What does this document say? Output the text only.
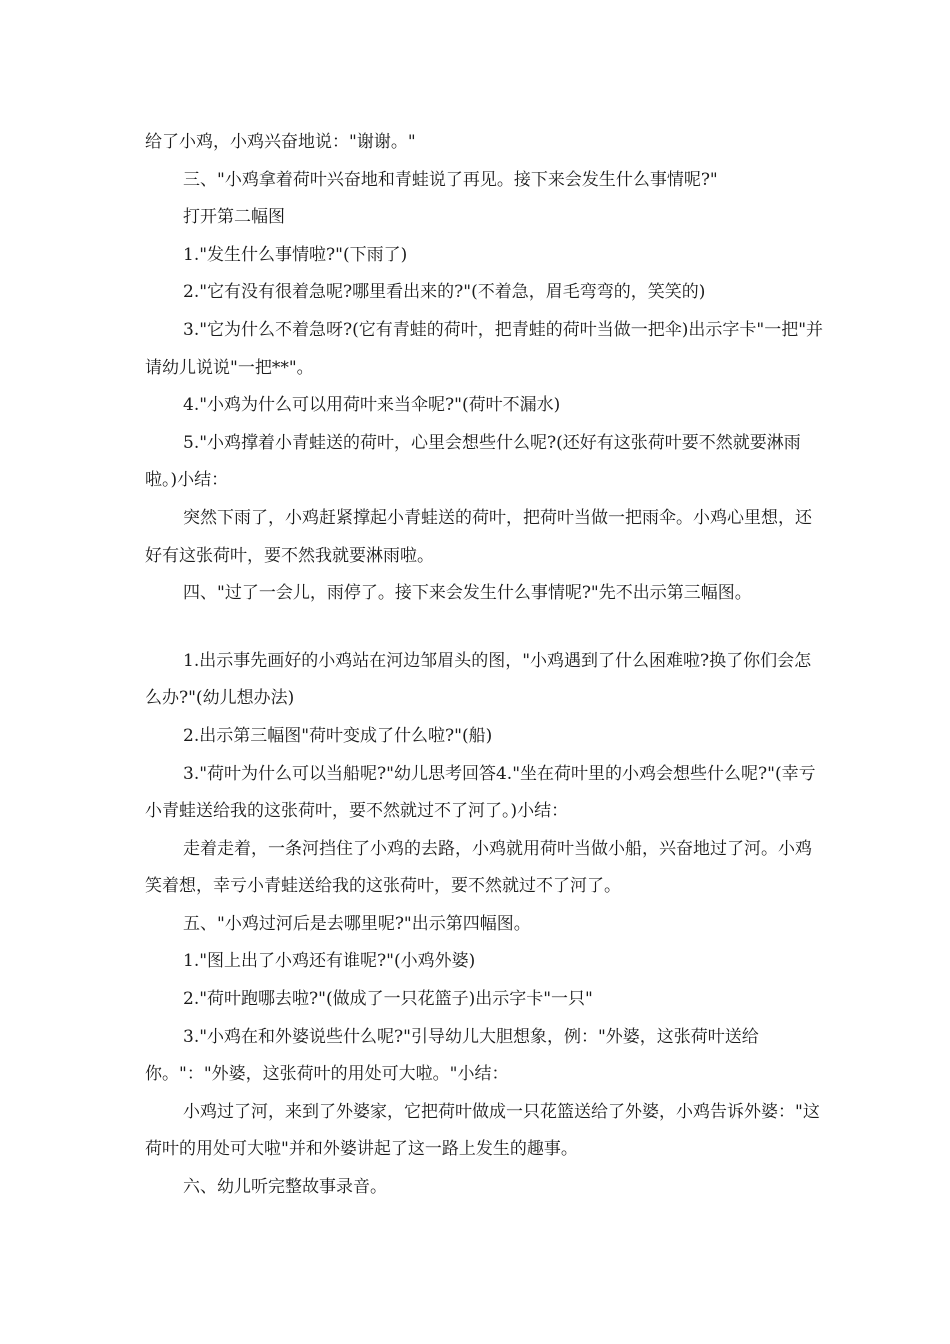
给了小鸡，小鸡兴奋地说："谢谢。"

三、"小鸡拿着荷叶兴奋地和青蛙说了再见。接下来会发生什么事情呢?"

打开第二幅图

1."发生什么事情啦?"(下雨了)

2."它有没有很着急呢?哪里看出来的?"(不着急，眉毛弯弯的，笑笑的)

3."它为什么不着急呀?(它有青蛙的荷叶，把青蛙的荷叶当做一把伞)出示字卡"一把"并请幼儿说说"一把**"。

4."小鸡为什么可以用荷叶来当伞呢?"(荷叶不漏水)

5."小鸡撑着小青蛙送的荷叶，心里会想些什么呢?(还好有这张荷叶要不然就要淋雨啦。)小结：

突然下雨了，小鸡赶紧撑起小青蛙送的荷叶，把荷叶当做一把雨伞。小鸡心里想，还好有这张荷叶，要不然我就要淋雨啦。

四、"过了一会儿，雨停了。接下来会发生什么事情呢?"先不出示第三幅图。

1.出示事先画好的小鸡站在河边邹眉头的图，"小鸡遇到了什么困难啦?换了你们会怎么办?"(幼儿想办法)

2.出示第三幅图"荷叶变成了什么啦?"(船)

3."荷叶为什么可以当船呢?"幼儿思考回答4."坐在荷叶里的小鸡会想些什么呢?"(幸亏小青蛙送给我的这张荷叶，要不然就过不了河了。)小结：

走着走着，一条河挡住了小鸡的去路，小鸡就用荷叶当做小船，兴奋地过了河。小鸡笑着想，幸亏小青蛙送给我的这张荷叶，要不然就过不了河了。

五、"小鸡过河后是去哪里呢?"出示第四幅图。

1."图上出了小鸡还有谁呢?"(小鸡外婆)

2."荷叶跑哪去啦?"(做成了一只花篮子)出示字卡"一只"

3."小鸡在和外婆说些什么呢?"引导幼儿大胆想象，例："外婆，这张荷叶送给你。"："外婆，这张荷叶的用处可大啦。"小结：

小鸡过了河，来到了外婆家，它把荷叶做成一只花篮送给了外婆，小鸡告诉外婆："这荷叶的用处可大啦"并和外婆讲起了这一路上发生的趣事。

六、幼儿听完整故事录音。
